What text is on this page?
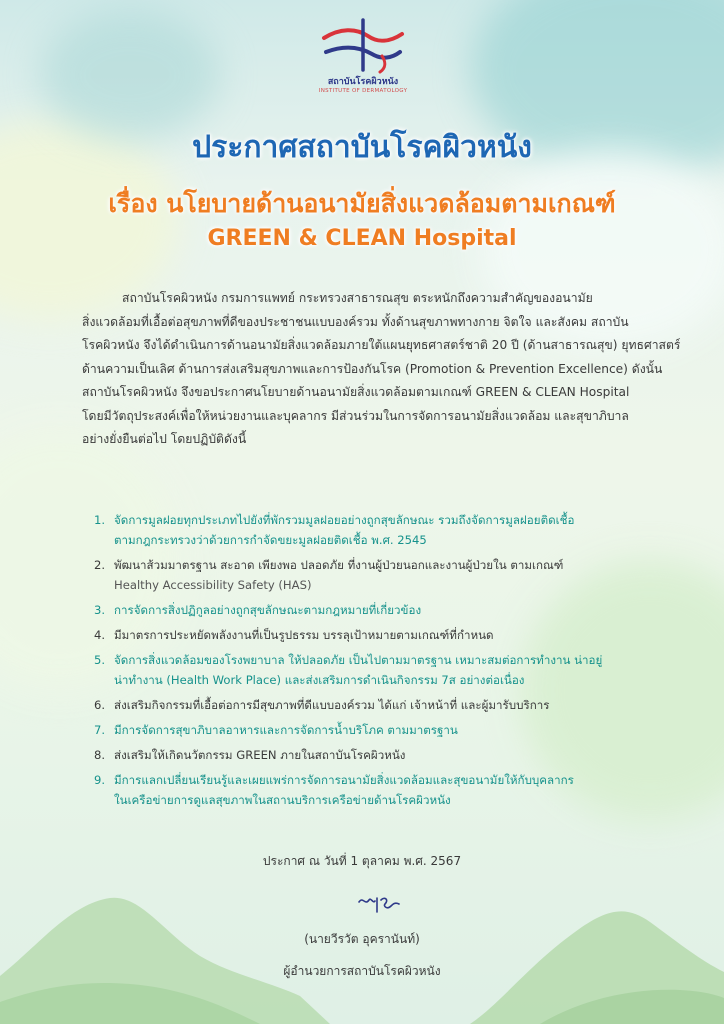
สถาบันโรคผิวหนัง
INSTITUTE OF DERMATOLOGY
ประกาศสถาบันโรคผิวหนัง
เรื่อง นโยบายด้านอนามัยสิ่งแวดล้อมตามเกณฑ์
GREEN & CLEAN Hospital

สถาบันโรคผิวหนัง กรมการแพทย์ กระทรวงสาธารณสุข ตระหนักถึงความสำคัญของอนามัย
สิ่งแวดล้อมที่เอื้อต่อสุขภาพที่ดีของประชาชนแบบองค์รวม ทั้งด้านสุขภาพทางกาย จิตใจ และสังคม สถาบัน
โรคผิวหนัง จึงได้ดำเนินการด้านอนามัยสิ่งแวดล้อมภายใต้แผนยุทธศาสตร์ชาติ 20 ปี (ด้านสาธารณสุข) ยุทธศาสตร์
ด้านความเป็นเลิศ ด้านการส่งเสริมสุขภาพและการป้องกันโรค (Promotion & Prevention Excellence) ดังนั้น
สถาบันโรคผิวหนัง จึงขอประกาศนโยบายด้านอนามัยสิ่งแวดล้อมตามเกณฑ์ GREEN & CLEAN Hospital
โดยมีวัตถุประสงค์เพื่อให้หน่วยงานและบุคลากร มีส่วนร่วมในการจัดการอนามัยสิ่งแวดล้อม และสุขาภิบาล
อย่างยั่งยืนต่อไป โดยปฏิบัติดังนี้

1. จัดการมูลฝอยทุกประเภทไปยังที่พักรวมมูลฝอยอย่างถูกสุขลักษณะ รวมถึงจัดการมูลฝอยติดเชื้อ
ตามกฎกระทรวงว่าด้วยการกำจัดขยะมูลฝอยติดเชื้อ พ.ศ. 2545
2. พัฒนาส้วมมาตรฐาน สะอาด เพียงพอ ปลอดภัย ที่งานผู้ป่วยนอกและงานผู้ป่วยใน ตามเกณฑ์
Healthy Accessibility Safety (HAS)
3. การจัดการสิ่งปฏิกูลอย่างถูกสุขลักษณะตามกฎหมายที่เกี่ยวข้อง
4. มีมาตรการประหยัดพลังงานที่เป็นรูปธรรม บรรลุเป้าหมายตามเกณฑ์ที่กำหนด
5. จัดการสิ่งแวดล้อมของโรงพยาบาล ให้ปลอดภัย เป็นไปตามมาตรฐาน เหมาะสมต่อการทำงาน น่าอยู่
น่าทำงาน (Health Work Place) และส่งเสริมการดำเนินกิจกรรม 7ส อย่างต่อเนื่อง
6. ส่งเสริมกิจกรรมที่เอื้อต่อการมีสุขภาพที่ดีแบบองค์รวม ได้แก่ เจ้าหน้าที่ และผู้มารับบริการ
7. มีการจัดการสุขาภิบาลอาหารและการจัดการน้ำบริโภค ตามมาตรฐาน
8. ส่งเสริมให้เกิดนวัตกรรม GREEN ภายในสถาบันโรคผิวหนัง
9. มีการแลกเปลี่ยนเรียนรู้และเผยแพร่การจัดการอนามัยสิ่งแวดล้อมและสุขอนามัยให้กับบุคลากร
ในเครือข่ายการดูแลสุขภาพในสถานบริการเครือข่ายด้านโรคผิวหนัง
ประกาศ ณ วันที่ 1 ตุลาคม พ.ศ. 2567
(นายวีรวัต อุครานันท์)
ผู้อำนวยการสถาบันโรคผิวหนัง
